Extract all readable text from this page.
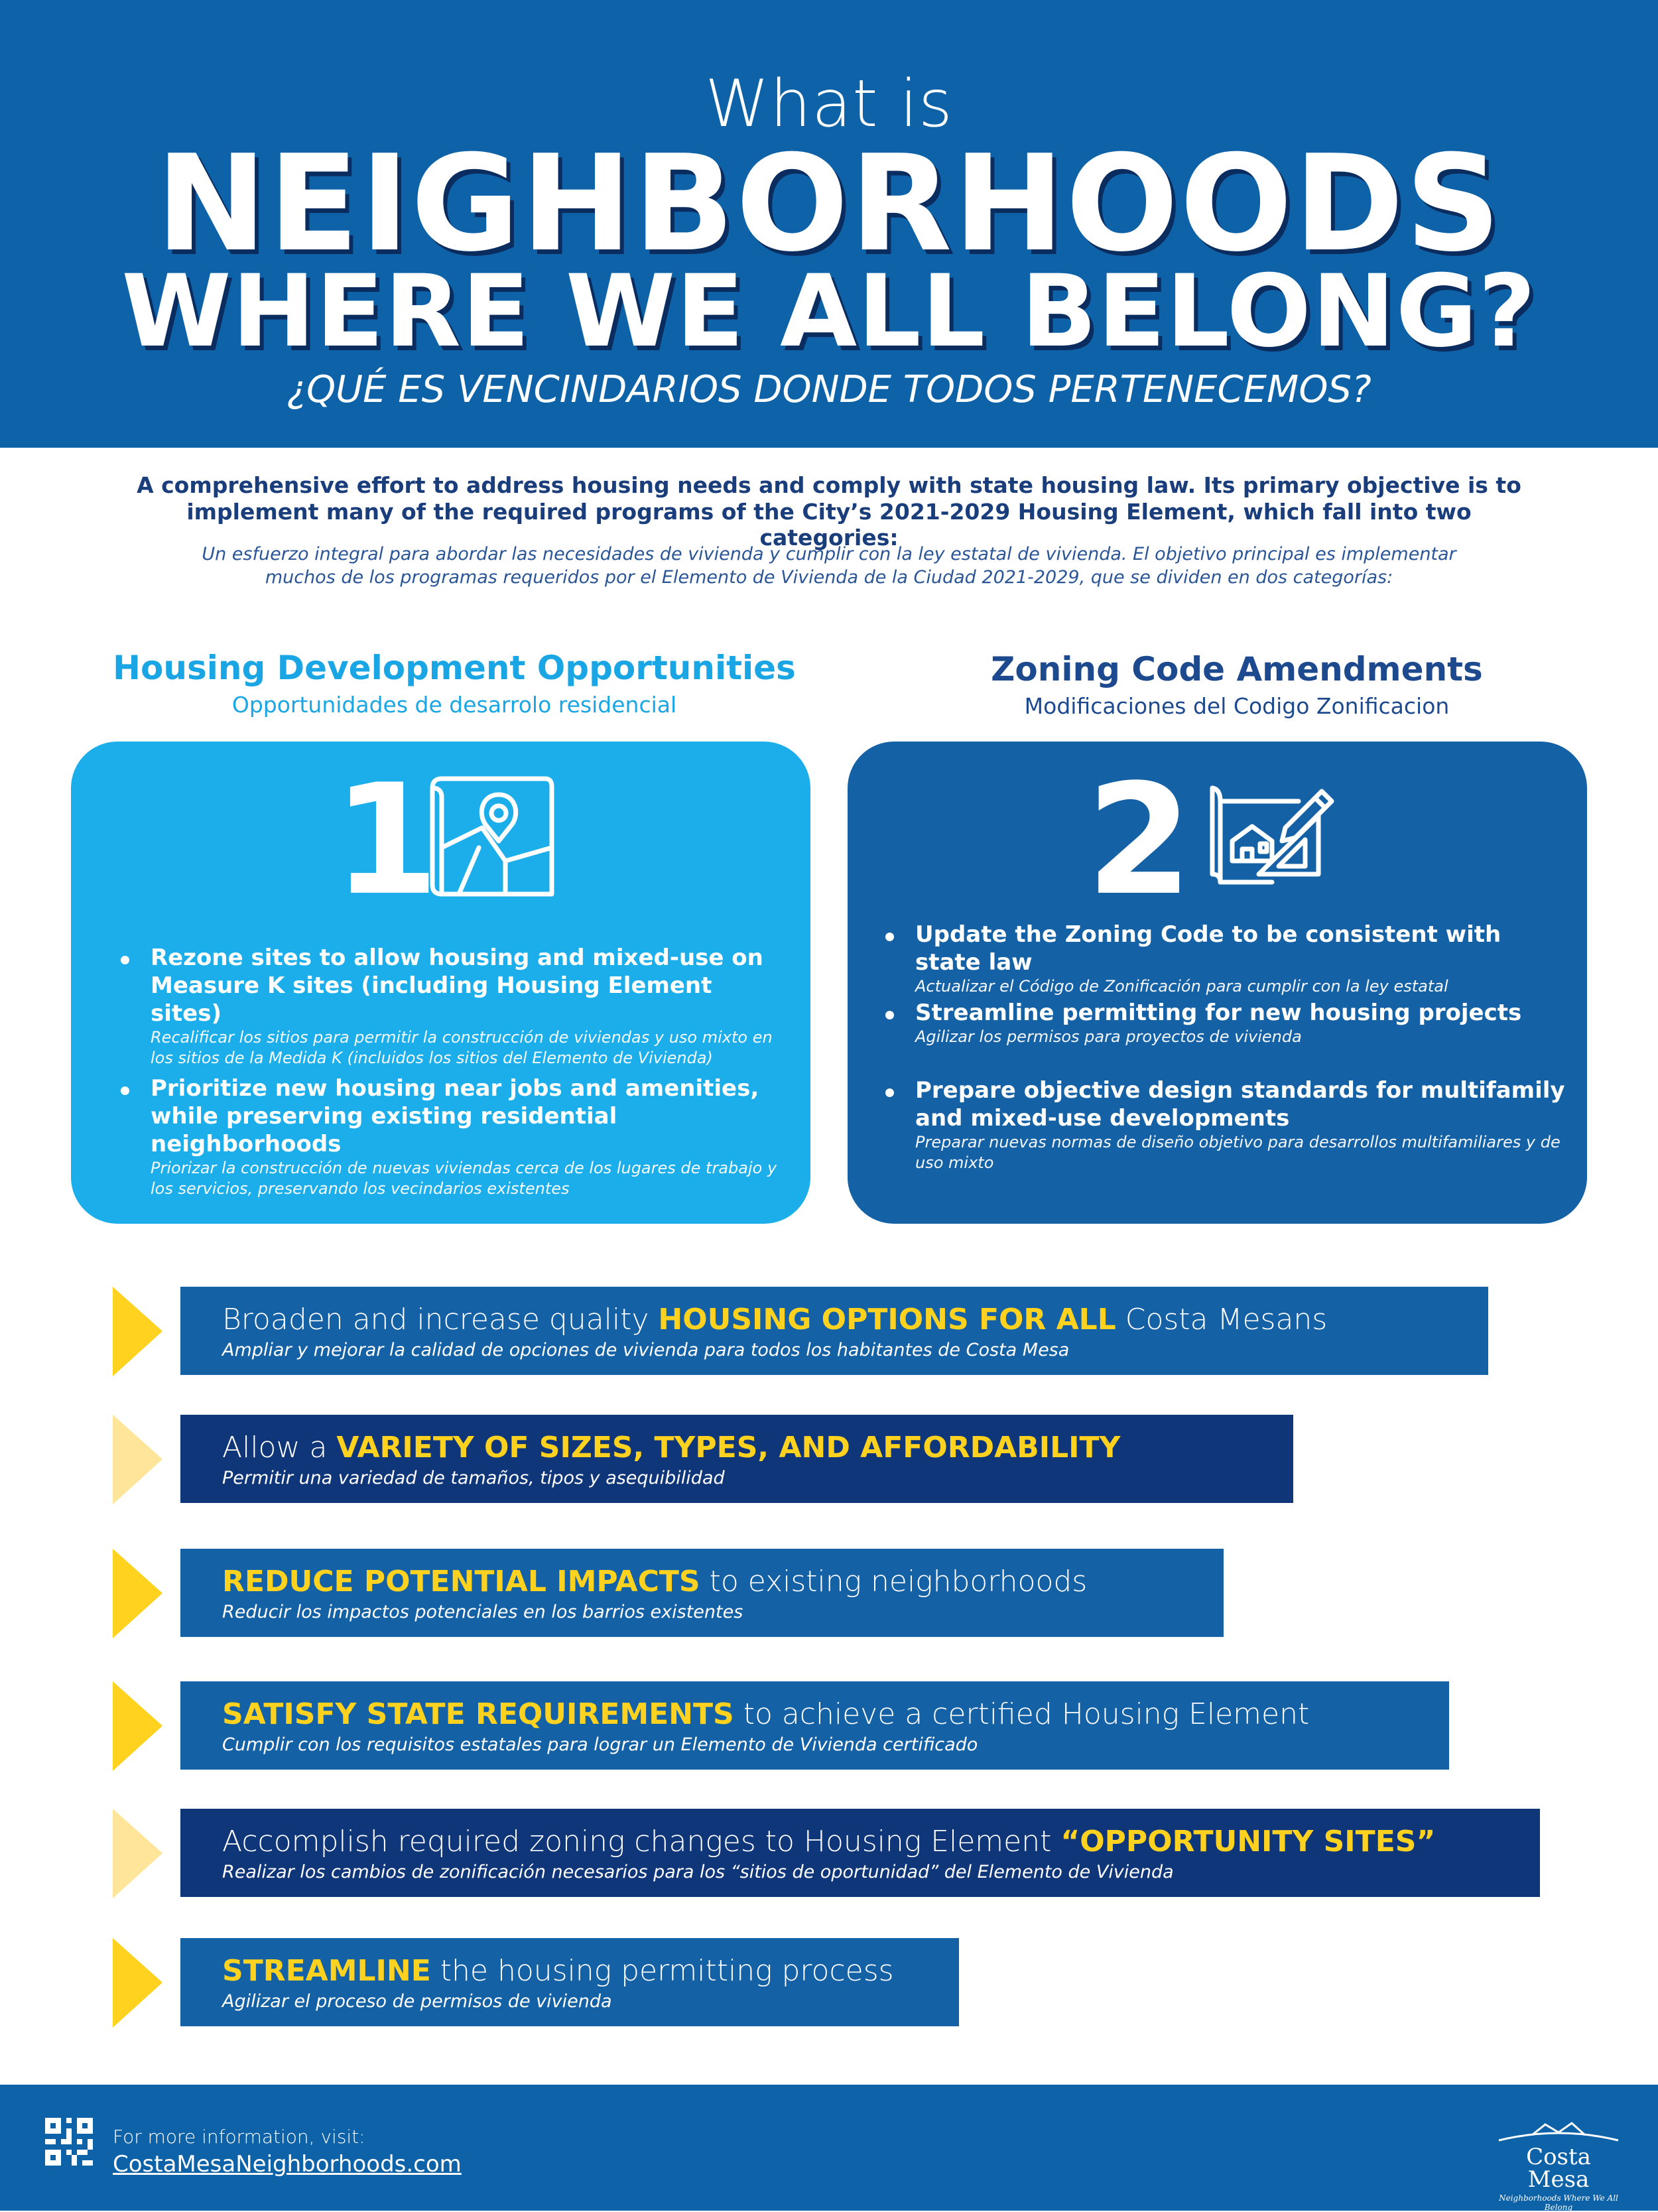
What is
NEIGHBORHOODS
WHERE WE ALL BELONG?
¿QUÉ ES VENCINDARIOS DONDE TODOS PERTENECEMOS?
A comprehensive effort to address housing needs and comply with state housing law. Its primary objective is to implement many of the required programs of the City’s 2021-2029 Housing Element, which fall into two categories:
Un esfuerzo integral para abordar las necesidades de vivienda y cumplir con la ley estatal de vivienda. El objetivo principal es implementar muchos de los programas requeridos por el Elemento de Vivienda de la Ciudad 2021-2029, que se dividen en dos categorías:
Housing Development Opportunities
Opportunidades de desarrolo residencial
Zoning Code Amendments
Modificaciones del Codigo Zonificacion
1
Rezone sites to allow housing and mixed-use on Measure K sites (including Housing Element sites)
Recalificar los sitios para permitir la construcción de viviendas y uso mixto en los sitios de la Medida K (incluidos los sitios del Elemento de Vivienda)
Prioritize new housing near jobs and amenities, while preserving existing residential neighborhoods
Priorizar la construcción de nuevas viviendas cerca de los lugares de trabajo y los servicios, preservando los vecindarios existentes
2
Update the Zoning Code to be consistent with state law
Actualizar el Código de Zonificación para cumplir con la ley estatal
Streamline permitting for new housing projects
Agilizar los permisos para proyectos de vivienda
Prepare objective design standards for multifamily and mixed-use developments
Preparar nuevas normas de diseño objetivo para desarrollos multifamiliares y de uso mixto
Broaden and increase quality HOUSING OPTIONS FOR ALL Costa Mesans
Ampliar y mejorar la calidad de opciones de vivienda para todos los habitantes de Costa Mesa
Allow a VARIETY OF SIZES, TYPES, AND AFFORDABILITY
Permitir una variedad de tamaños, tipos y asequibilidad
REDUCE POTENTIAL IMPACTS to existing neighborhoods
Reducir los impactos potenciales en los barrios existentes
SATISFY STATE REQUIREMENTS to achieve a certified Housing Element
Cumplir con los requisitos estatales para lograr un Elemento de Vivienda certificado
Accomplish required zoning changes to Housing Element “OPPORTUNITY SITES”
Realizar los cambios de zonificación necesarios para los “sitios de oportunidad” del Elemento de Vivienda
STREAMLINE the housing permitting process
Agilizar el proceso de permisos de vivienda
For more information, visit:
CostaMesaNeighborhoods.com	Costa Mesa
Neighborhoods Where We All Belong
